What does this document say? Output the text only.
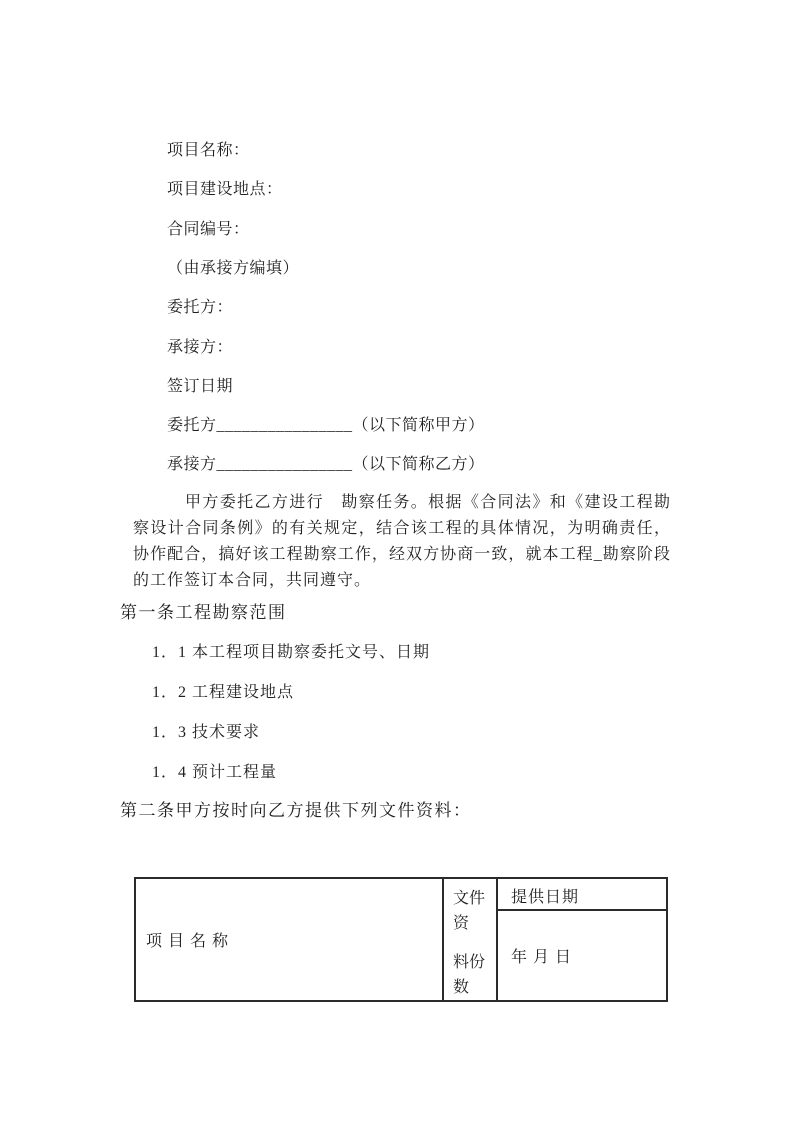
项目名称：
项目建设地点：
合同编号：
（由承接方编填）
委托方：
承接方：
签订日期
委托方________________（以下简称甲方）
承接方________________（以下简称乙方）
甲方委托乙方进行　勘察任务。根据《合同法》和《建设工程勘察设计合同条例》的有关规定，结合该工程的具体情况，为明确责任，协作配合，搞好该工程勘察工作，经双方协商一致，就本工程_勘察阶段的工作签订本合同，共同遵守。
第一条工程勘察范围
1．1 本工程项目勘察委托文号、日期
1．2 工程建设地点
1．3 技术要求
1．4 预计工程量
第二条甲方按时向乙方提供下列文件资料：
项 目 名 称
文件资
料份数
提供日期
年 月 日
